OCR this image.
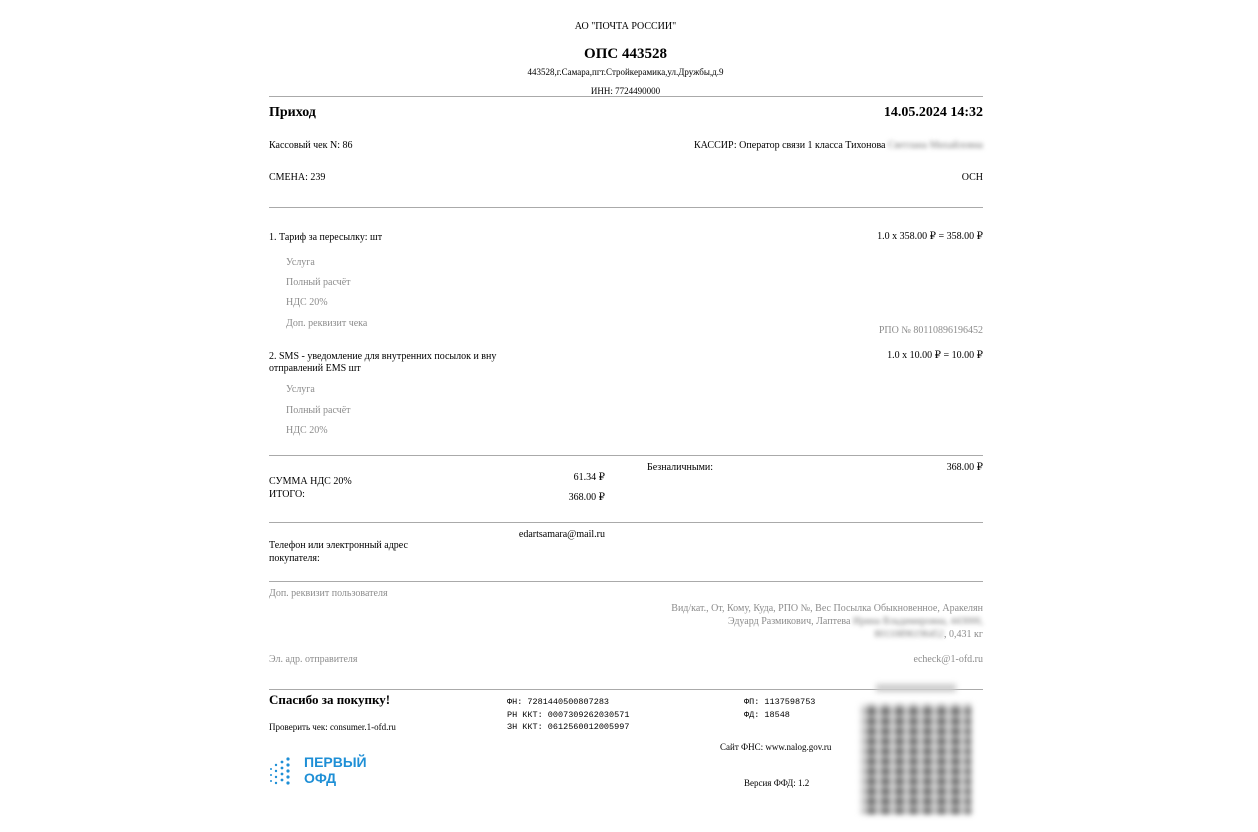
АО "ПОЧТА РОССИИ"
ОПС 443528
443528,г.Самара,пгт.Стройкерамика,ул.Дружбы,д.9
ИНН: 7724490000
Приход	14.05.2024 14:32
Кассовый чек N: 86	КАССИР: Оператор связи 1 класса Тихонова Светлана Михайловна
СМЕНА: 239	ОСН
1. Тариф за пересылку: шт	1.0 x 358.00 ₽ = 358.00 ₽
Услуга
Полный расчёт
НДС 20%
Доп. реквизит чека
РПО № 80110896196452
2. SMS - уведомление для внутренних посылок и вну
отправлений EMS шт
1.0 x 10.00 ₽ = 10.00 ₽
Услуга
Полный расчёт
НДС 20%
СУММА НДС 20%	61.34 ₽
ИТОГО:	368.00 ₽
Безналичными:	368.00 ₽
Телефон или электронный адрес
покупателя:
edartsamara@mail.ru
Доп. реквизит пользователя
Вид/кат., От, Кому, Куда, РПО №, Вес Посылка Обыкновенное, Аракелян
Эдуард Размикович, Лаптева Ирина Владимировна, 443000,
80110896196452, 0,431 кг
Эл. адр. отправителя	echeck@1-ofd.ru
Спасибо за покупку!
Проверить чек: consumer.1-ofd.ru
ФН: 7281440500807283
РН ККТ: 0007309262030571
ЗН ККТ: 0612560012005997
ФП: 1137598753
ФД: 18548
Сайт ФНС: www.nalog.gov.ru
Версия ФФД: 1.2
ПЕРВЫЙ
ОФД
